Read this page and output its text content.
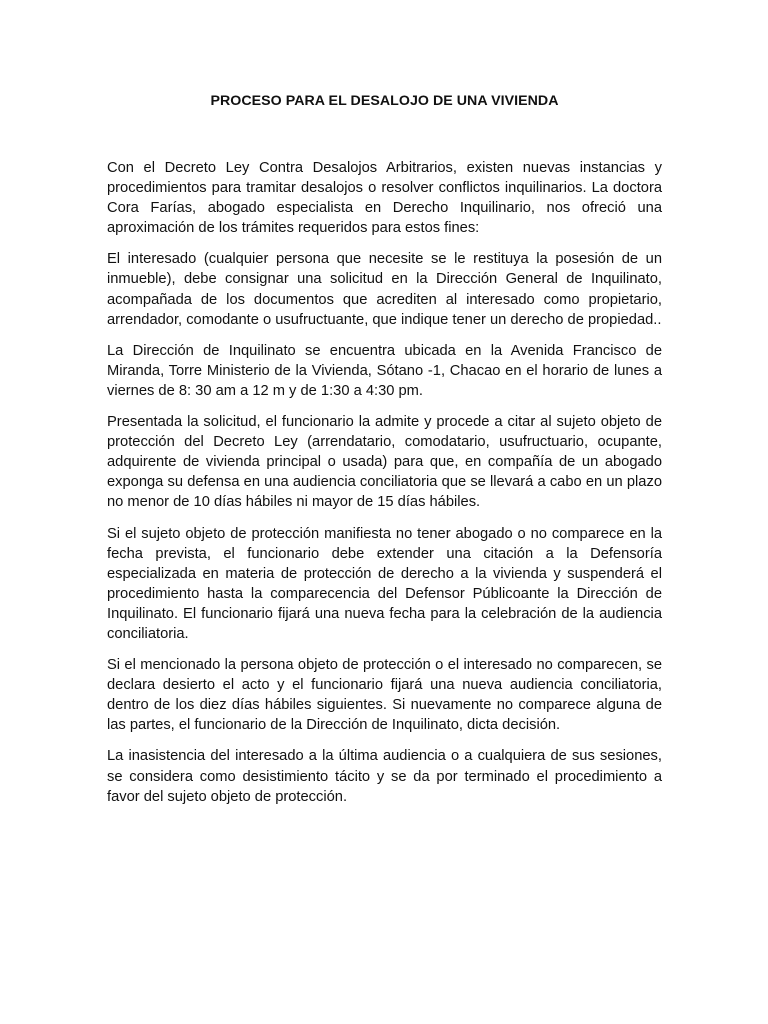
PROCESO PARA EL DESALOJO DE UNA VIVIENDA

Con el Decreto Ley Contra Desalojos Arbitrarios, existen nuevas instancias y procedimientos para tramitar desalojos o resolver conflictos inquilinarios. La doctora Cora Farías, abogado especialista en Derecho Inquilinario, nos ofreció una aproximación de los trámites requeridos para estos fines:

El interesado (cualquier persona que necesite se le restituya la posesión de un inmueble), debe consignar una solicitud en la Dirección General de Inquilinato, acompañada de los documentos que acrediten al interesado como propietario, arrendador, comodante o usufructuante, que indique tener un derecho de propiedad..

La Dirección de Inquilinato se encuentra ubicada en la Avenida Francisco de Miranda, Torre Ministerio de la Vivienda, Sótano -1, Chacao en el horario de lunes a viernes de 8: 30 am a 12 m y de 1:30 a 4:30 pm.

Presentada la solicitud, el funcionario la admite y procede a citar al sujeto objeto de protección del Decreto Ley (arrendatario, comodatario, usufructuario, ocupante, adquirente de vivienda principal o usada) para que, en compañía de un abogado exponga su defensa en una audiencia conciliatoria que se llevará a cabo en un plazo no menor de 10 días hábiles ni mayor de 15 días hábiles.

Si el sujeto objeto de protección manifiesta no tener abogado o no comparece en la fecha prevista, el funcionario debe extender una citación a la Defensoría especializada en materia de protección de derecho a la vivienda y suspenderá el procedimiento hasta la comparecencia del Defensor Públicoante la Dirección de Inquilinato. El funcionario fijará una nueva fecha para la celebración de la audiencia conciliatoria.

Si el mencionado la persona objeto de protección o el interesado no comparecen, se declara desierto el acto y el funcionario fijará una nueva audiencia conciliatoria, dentro de los diez días hábiles siguientes. Si nuevamente no comparece alguna de las partes, el funcionario de la Dirección de Inquilinato, dicta decisión.

La inasistencia del interesado a la última audiencia o a cualquiera de sus sesiones, se considera como desistimiento tácito y se da por terminado el procedimiento a favor del sujeto objeto de protección.
